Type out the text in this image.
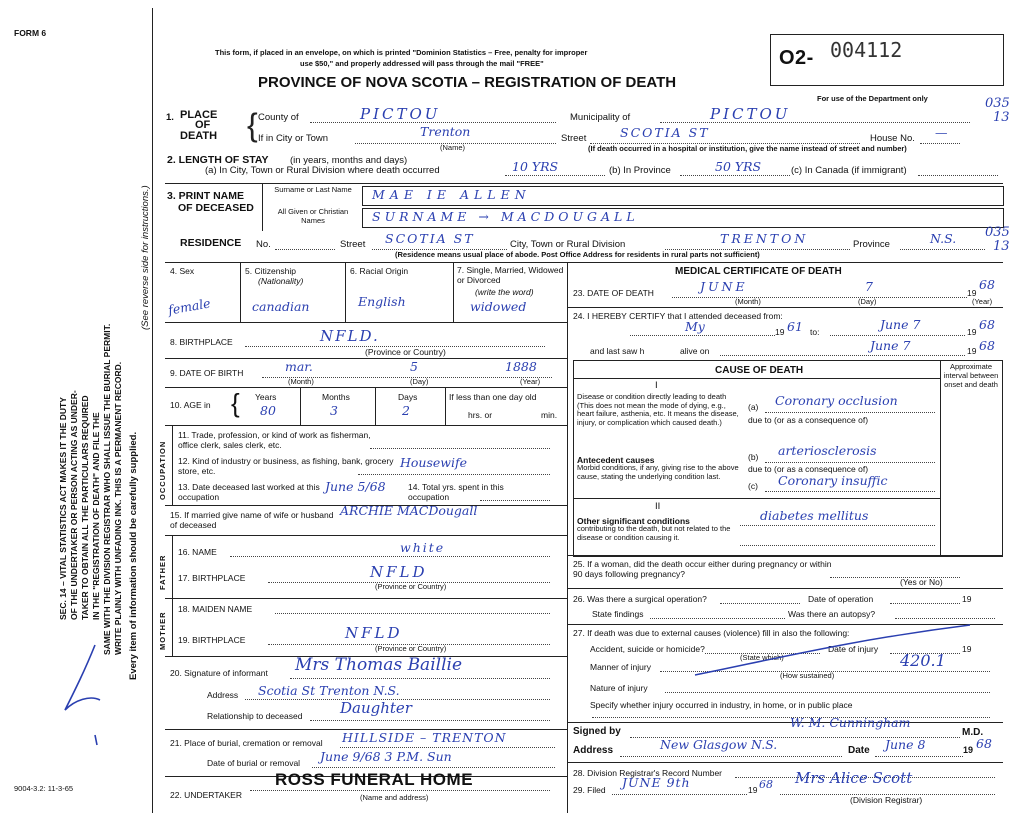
FORM 6
This form, if placed in an envelope, on which is printed "Dominion Statistics – Free, penalty for improper
use $50," and properly addressed will pass through the mail "FREE"
PROVINCE OF NOVA SCOTIA – REGISTRATION OF DEATH
O2- 004112
For use of the Department only	035
13
SEC. 14 – VITAL STATISTICS ACT MAKES IT THE DUTY OF THE UNDERTAKER OR PERSON ACTING AS UNDER- TAKER TO OBTAIN ALL THE PARTICULARS REQUIRED IN THE "REGISTRATION OF DEATH" AND FILE THE SAME WITH THE DIVISION REGISTRAR WHO SHALL ISSUE THE BURIAL PERMIT. WRITE PLAINLY WITH UNFADING INK. THIS IS A PERMANENT RECORD. Every item of information should be carefully supplied.
(See reverse side for instructions.)
9004-3.2: 11-3-65
1. PLACE
OF
DEATH { County of	PICTOU	Municipality of	PICTOU
If in City or Town	Trenton
(Name)
Street	SCOTIA ST	House No. —
(If death occurred in a hospital or institution, give the name instead of street and number)
2. LENGTH OF STAY (in years, months and days)
(a) In City, Town or Rural Division where death occurred	10 YRS	(b) In Province	50 YRS	(c) In Canada (if immigrant)
3. PRINT NAME
OF DECEASED
Surname or Last Name
All Given or Christian Names
MAE IE ALLEN
SURNAME → MACDOUGALL
RESIDENCE No.	Street SCOTIA ST	City, Town or Rural Division	TRENTON	Province	N.S. 035
13
(Residence means usual place of abode. Post Office Address for residents in rural parts not sufficient)
4. Sex
female
5. Citizenship
(Nationality)
canadian
6. Racial Origin
English
7. Single, Married, Widowed or Divorced
(write the word)
widowed
8. BIRTHPLACE	NFLD.
(Province or Country)
9. DATE OF BIRTH	mar.	5	1888
(Month)	(Day)	(Year)
10. AGE in { Years	Months	Days	If less than one day old
hrs. or	min.
80	3	2
OCCUPATION
11. Trade, profession, or kind of work as fisherman, office clerk, sales clerk, etc.
12. Kind of industry or business, as fishing, bank, grocery store, etc.
Housewife
13. Date deceased last worked at this occupation
June 5/68	14. Total yrs. spent in this occupation
15. If married give name of wife or husband of deceased
ARCHIE MACDougall
FATHER
16. NAME	white
17. BIRTHPLACE	NFLD
(Province or Country)
MOTHER
18. MAIDEN NAME
19. BIRTHPLACE	NFLD
(Province or Country)
20. Signature of informant Mrs Thomas Baillie
Address Scotia St Trenton N.S.
Relationship to deceased	Daughter
21. Place of burial, cremation or removal HILLSIDE – TRENTON
Date of burial or removal June 9/68 3 P.M. Sun
22. UNDERTAKER
ROSS FUNERAL HOME
(Name and address)
MEDICAL CERTIFICATE OF DEATH
23. DATE OF DEATH	JUNE	7	19
68
(Month)	(Day)	(Year)
24. I HEREBY CERTIFY that I attended deceased from:
My	19 61 to:	June 7	19 68
and last saw h	alive on	June 7	19 68
CAUSE OF DEATH	Approximate interval between onset and death
I
Disease or condition directly leading to death (This does not mean the mode of dying, e.g., heart failure, asthenia, etc. It means the disease, injury, or complication which caused death.)
(a) Coronary occlusion
due to (or as a consequence of)
Antecedent causes
Morbid conditions, if any, giving rise to the above cause, stating the underlying condition last.
(b) arteriosclerosis
due to (or as a consequence of)
(c) Coronary insuffic
II
Other significant conditions
contributing to the death, but not related to the disease or condition causing it.
diabetes mellitus
25. If a woman, did the death occur either during pregnancy or within 90 days following pregnancy?
(Yes or No)
26. Was there a surgical operation?	Date of operation	19
State findings	Was there an autopsy?
27. If death was due to external causes (violence) fill in also the following:
Accident, suicide or homicide?
(State which)
Date of injury	19
Manner of injury	420.1
(How sustained)
Nature of injury
Specify whether injury occurred in industry, in home, or in public place
Signed by
W. M. Cunningham
M.D.
Address	New Glasgow N.S.	Date June 8	19 68
28. Division Registrar's Record Number
29. Filed JUNE 9th	19 68 Mrs Alice Scott
(Division Registrar)
